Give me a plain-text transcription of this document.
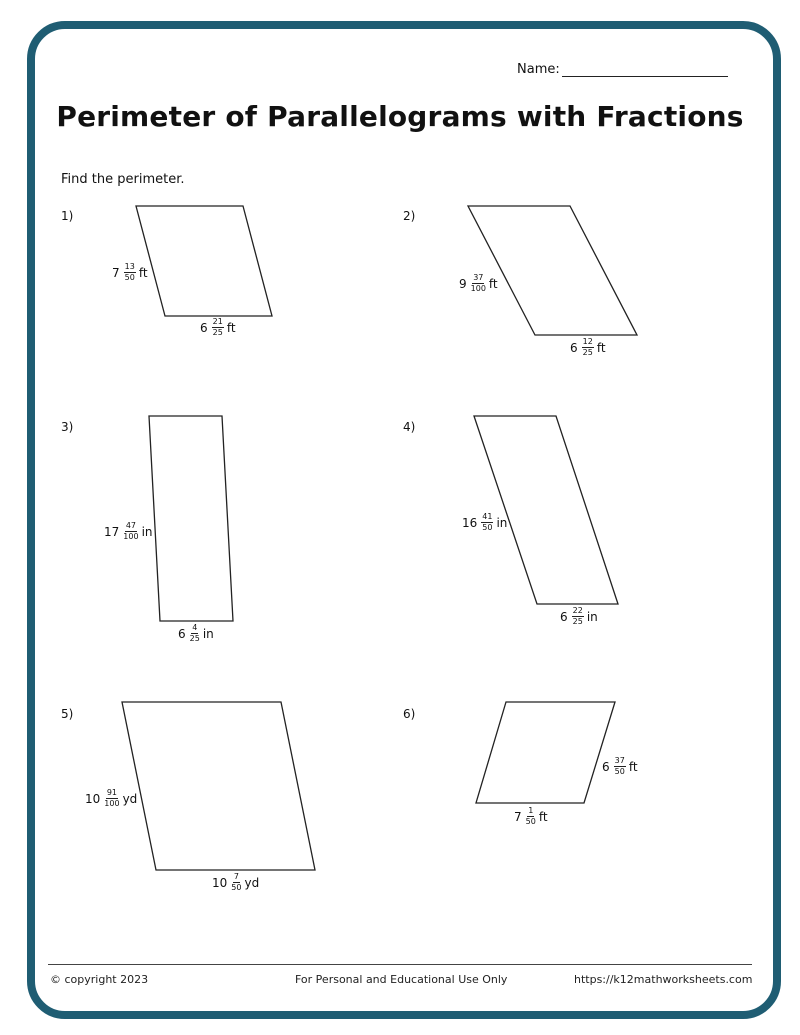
Name:
Perimeter of Parallelograms with Fractions
Find the perimeter.
1)	2)
3)	4)
5)	6)
$7 \frac{13}{50}$ ft
$9 \frac{37}{100}$ ft
$17 \frac{47}{100}$ in
$16 \frac{41}{50}$ in
$10 \frac{91}{100}$ yd
$6 \frac{37}{50}$ ft
$6 \frac{21}{25}$ ft
$6 \frac{12}{25}$ ft
$6 \frac{4}{25}$ in
$6 \frac{22}{25}$ in
$10 \frac{7}{50}$ yd
$7 \frac{1}{50}$ ft
© copyright 2023	For Personal and Educational Use Only	https://k12mathworksheets.com
